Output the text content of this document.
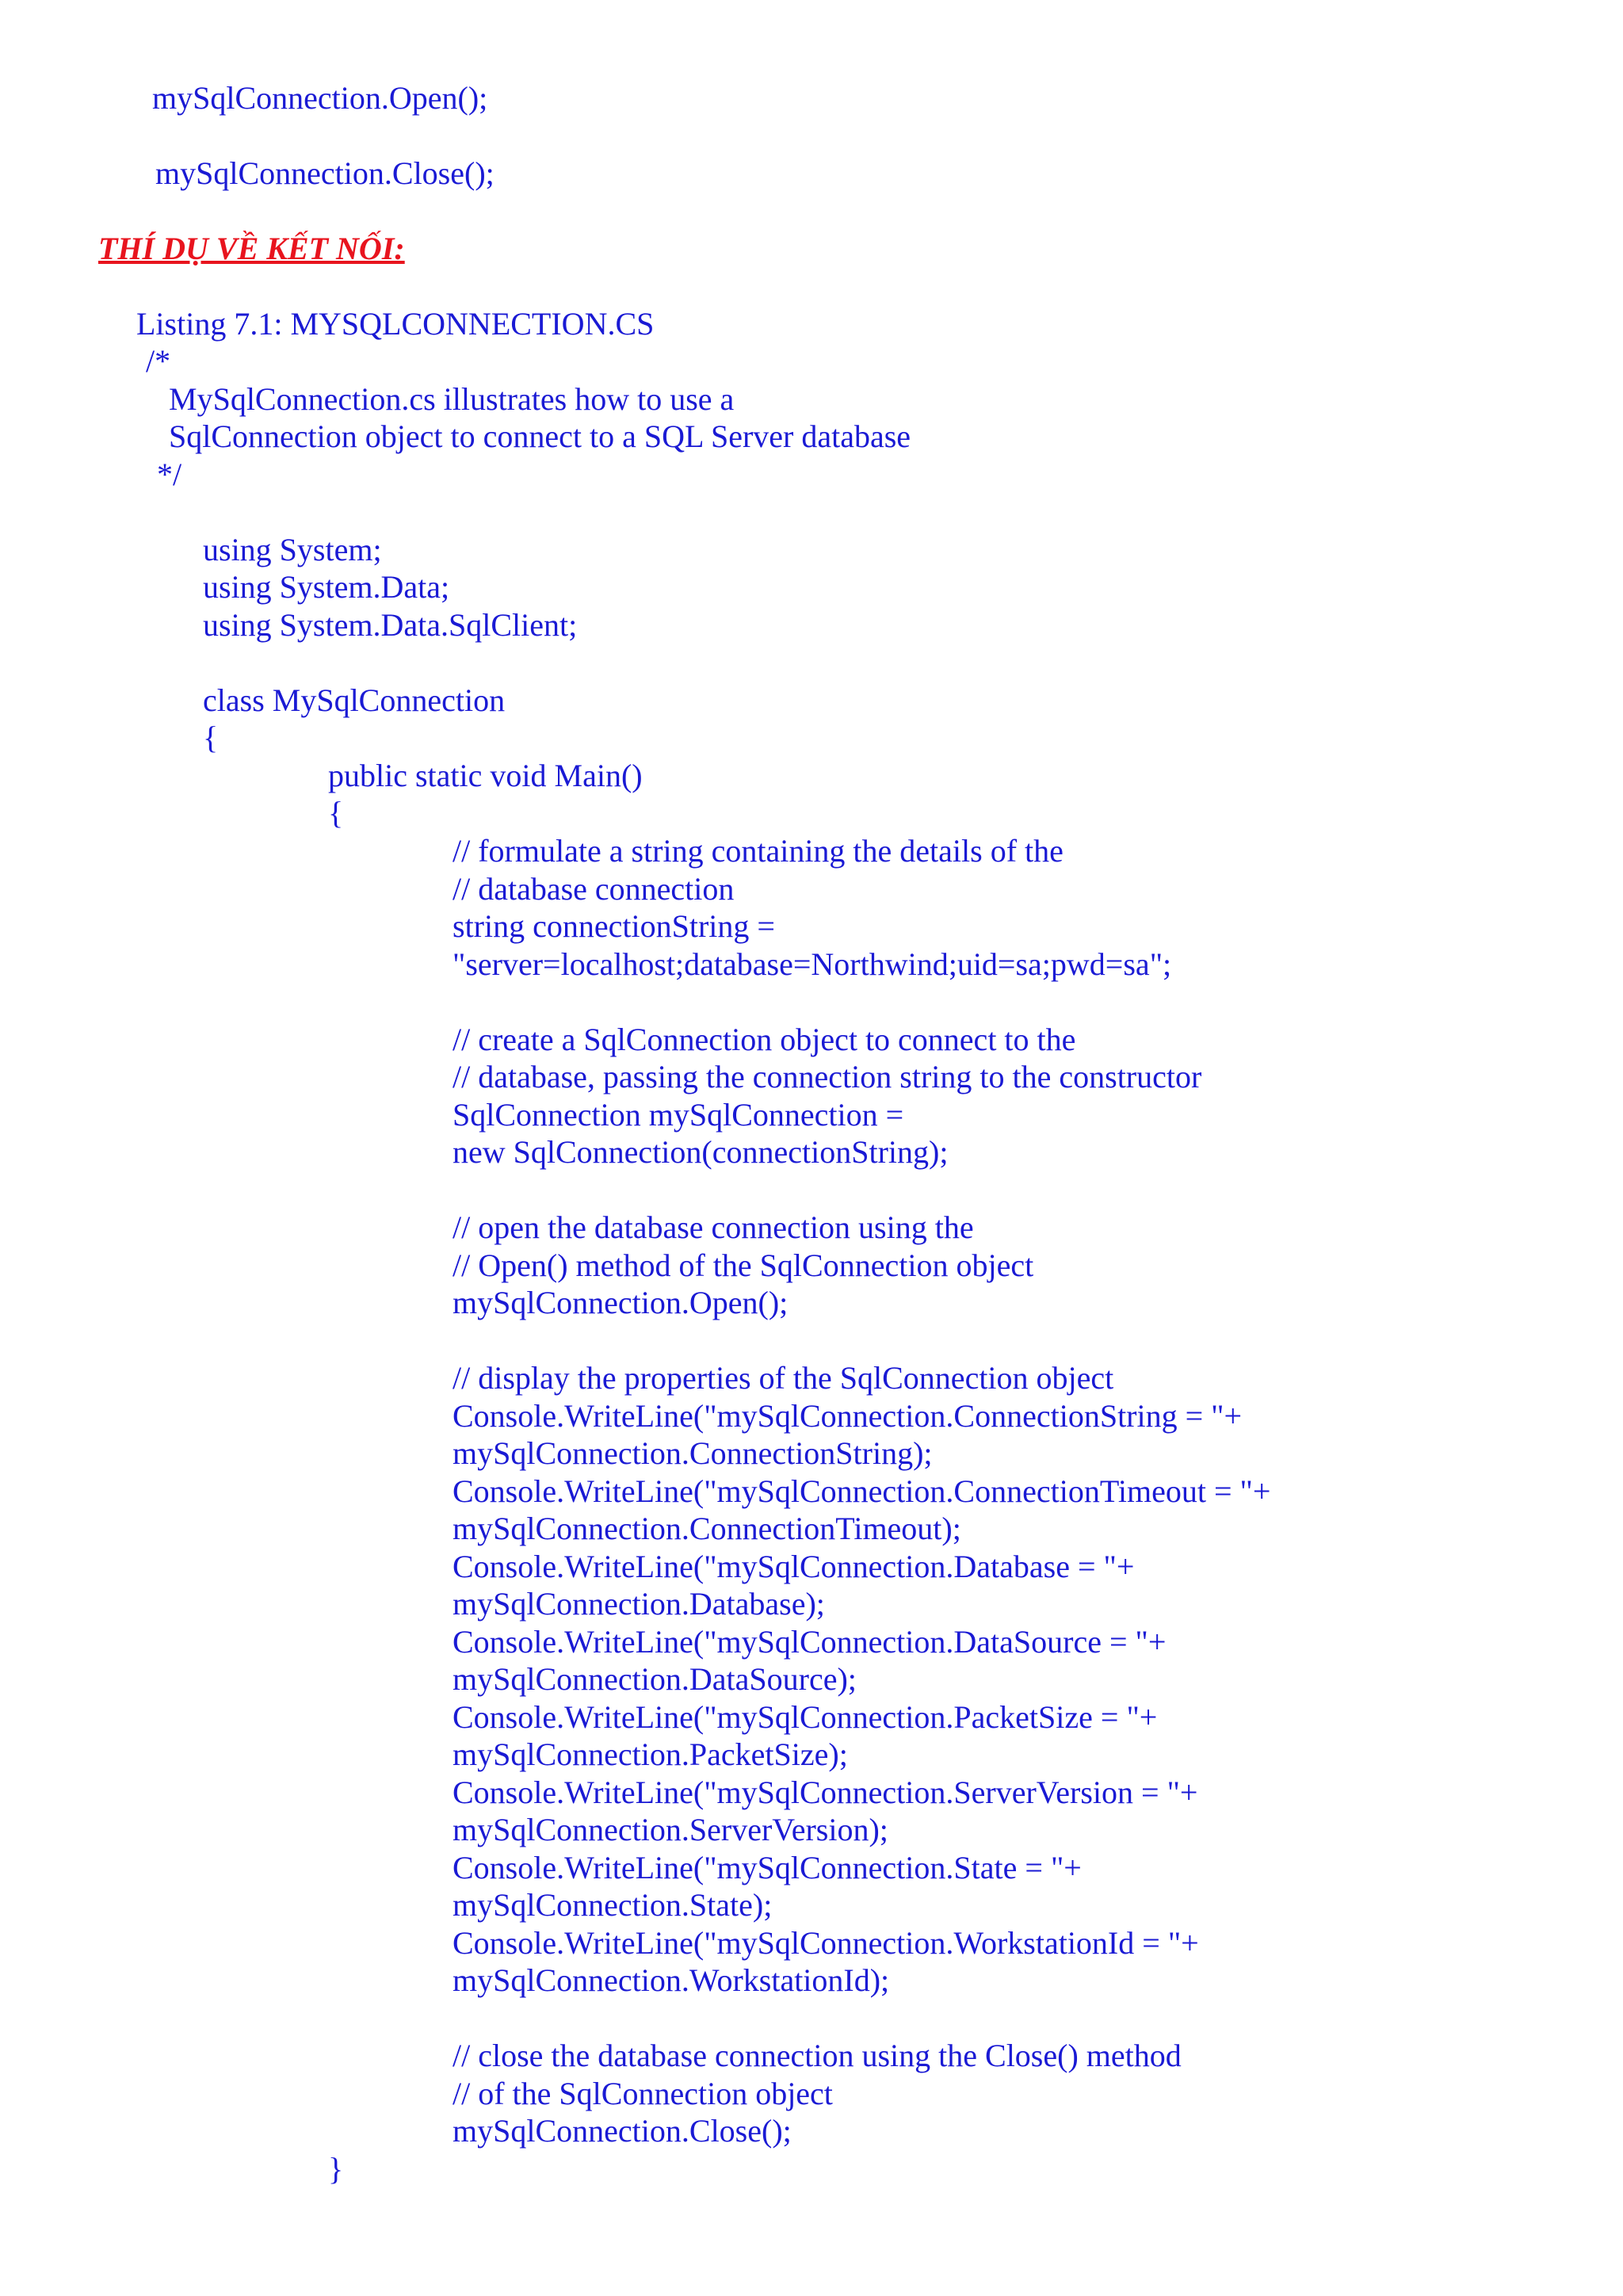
mySqlConnection.Open();
mySqlConnection.Close();
THÍ DỤ VỀ KẾT NỐI:
Listing 7.1: MYSQLCONNECTION.CS
/*
MySqlConnection.cs illustrates how to use a
SqlConnection object to connect to a SQL Server database
*/
using System;
using System.Data;
using System.Data.SqlClient;
class MySqlConnection
{
public static void Main()
{
// formulate a string containing the details of the
// database connection
string connectionString =
"server=localhost;database=Northwind;uid=sa;pwd=sa";
// create a SqlConnection object to connect to the
// database, passing the connection string to the constructor
SqlConnection mySqlConnection =
new SqlConnection(connectionString);
// open the database connection using the
// Open() method of the SqlConnection object
mySqlConnection.Open();
// display the properties of the SqlConnection object
Console.WriteLine("mySqlConnection.ConnectionString = "+
mySqlConnection.ConnectionString);
Console.WriteLine("mySqlConnection.ConnectionTimeout = "+
mySqlConnection.ConnectionTimeout);
Console.WriteLine("mySqlConnection.Database = "+
mySqlConnection.Database);
Console.WriteLine("mySqlConnection.DataSource = "+
mySqlConnection.DataSource);
Console.WriteLine("mySqlConnection.PacketSize = "+
mySqlConnection.PacketSize);
Console.WriteLine("mySqlConnection.ServerVersion = "+
mySqlConnection.ServerVersion);
Console.WriteLine("mySqlConnection.State = "+
mySqlConnection.State);
Console.WriteLine("mySqlConnection.WorkstationId = "+
mySqlConnection.WorkstationId);
// close the database connection using the Close() method
// of the SqlConnection object
mySqlConnection.Close();
}
